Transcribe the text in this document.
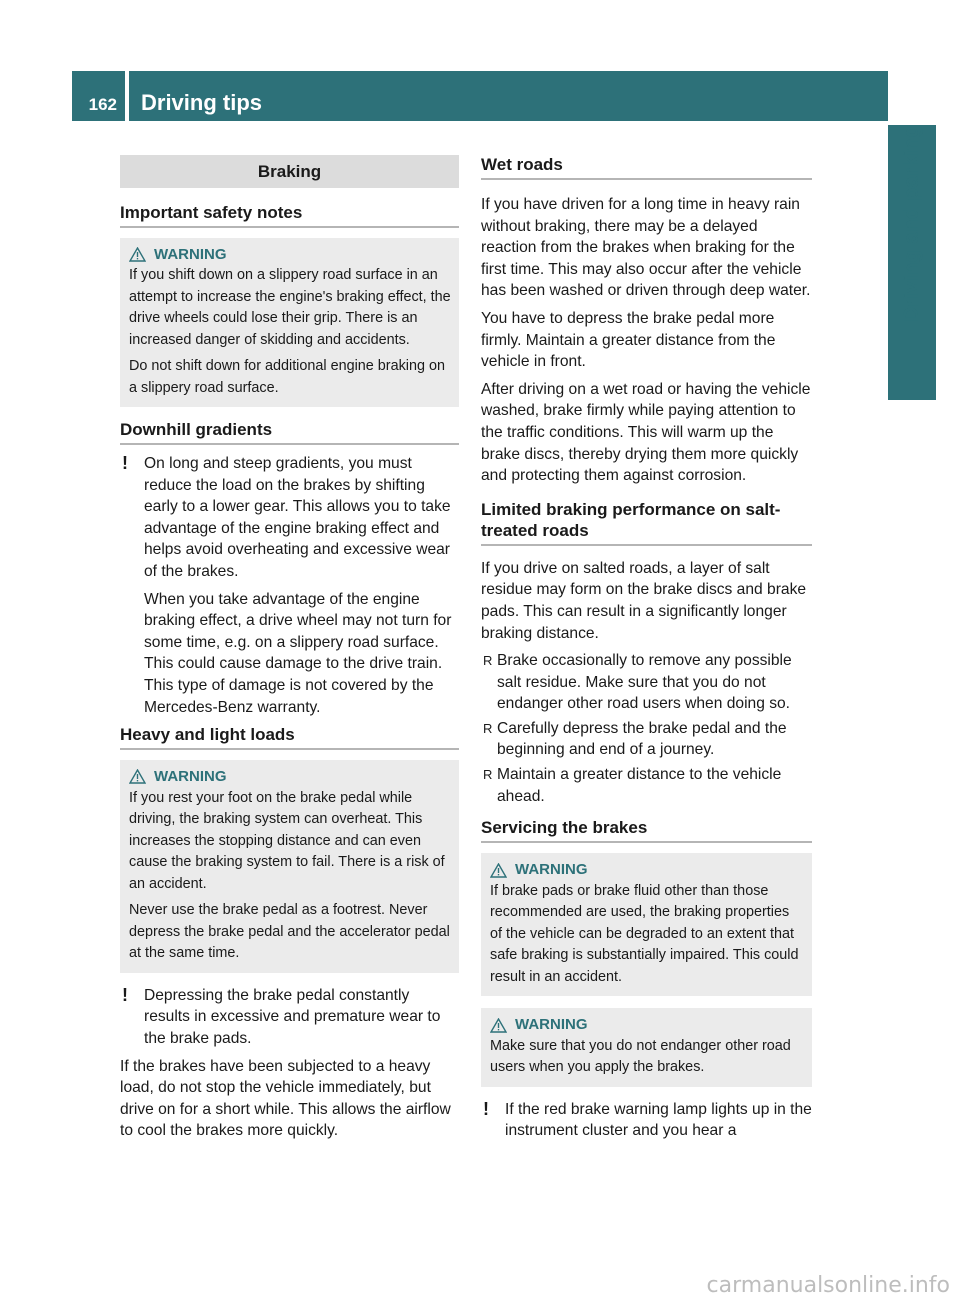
162 Driving tips
Driving and parking
Braking
Important safety notes
WARNING

If you shift down on a slippery road surface in an attempt to increase the engine's braking effect, the drive wheels could lose their grip. There is an increased danger of skidding and accidents.

Do not shift down for additional engine braking on a slippery road surface.

Downhill gradients
! On long and steep gradients, you must reduce the load on the brakes by shifting early to a lower gear. This allows you to take advantage of the engine braking effect and helps avoid overheating and excessive wear of the brakes.

When you take advantage of the engine braking effect, a drive wheel may not turn for some time, e.g. on a slippery road surface. This could cause damage to the drive train. This type of damage is not covered by the Mercedes-Benz warranty.

Heavy and light loads
WARNING

If you rest your foot on the brake pedal while driving, the braking system can overheat. This increases the stopping distance and can even cause the braking system to fail. There is a risk of an accident.

Never use the brake pedal as a footrest. Never depress the brake pedal and the accelerator pedal at the same time.

! Depressing the brake pedal constantly results in excessive and premature wear to the brake pads.

If the brakes have been subjected to a heavy load, do not stop the vehicle immediately, but drive on for a short while. This allows the airflow to cool the brakes more quickly.

Wet roads

If you have driven for a long time in heavy rain without braking, there may be a delayed reaction from the brakes when braking for the first time. This may also occur after the vehicle has been washed or driven through deep water.

You have to depress the brake pedal more firmly. Maintain a greater distance from the vehicle in front.

After driving on a wet road or having the vehicle washed, brake firmly while paying attention to the traffic conditions. This will warm up the brake discs, thereby drying them more quickly and protecting them against corrosion.

Limited braking performance on salt-treated roads

If you drive on salted roads, a layer of salt residue may form on the brake discs and brake pads. This can result in a significantly longer braking distance.

R Brake occasionally to remove any possible salt residue. Make sure that you do not endanger other road users when doing so.
R Carefully depress the brake pedal and the beginning and end of a journey.
R Maintain a greater distance to the vehicle ahead.
Servicing the brakes
WARNING

If brake pads or brake fluid other than those recommended are used, the braking properties of the vehicle can be degraded to an extent that safe braking is substantially impaired. This could result in an accident.

WARNING

Make sure that you do not endanger other road users when you apply the brakes.

! If the red brake warning lamp lights up in the instrument cluster and you hear a

carmanualsonline.info
